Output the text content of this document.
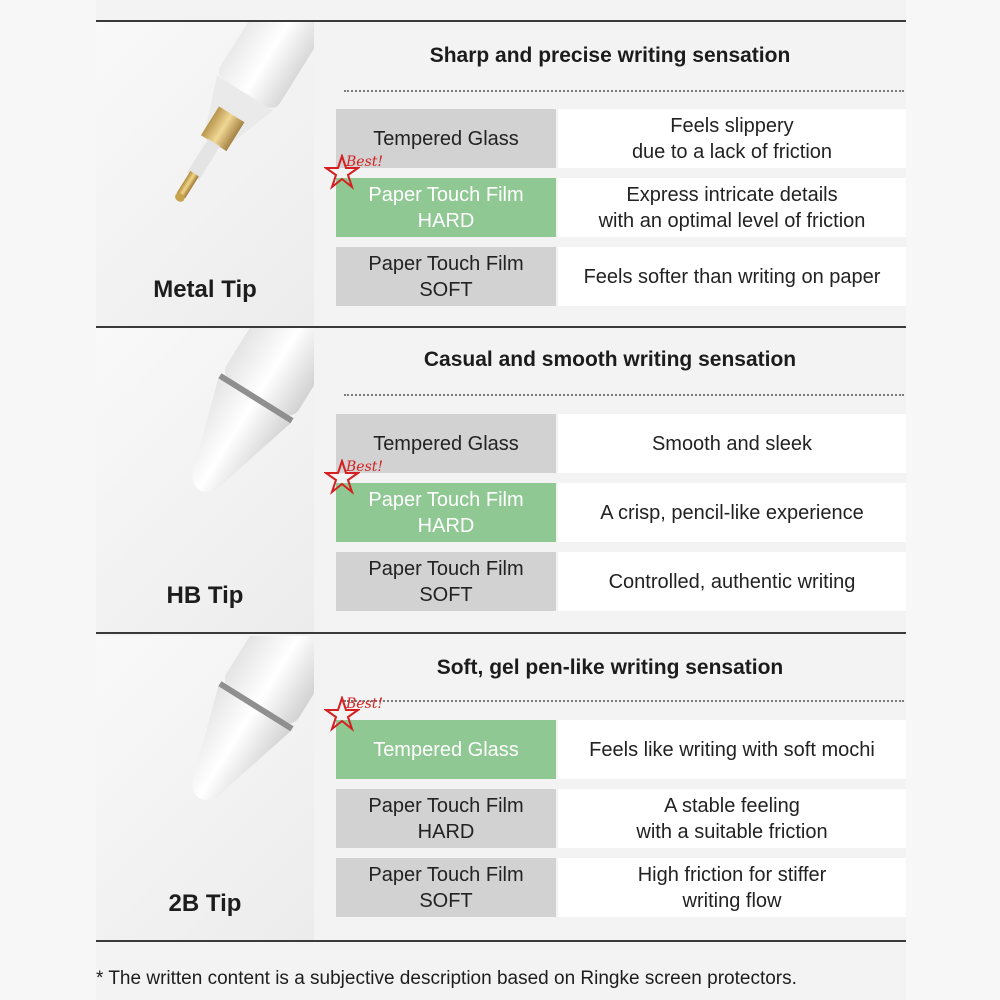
Metal Tip
Sharp and precise writing sensation
Tempered Glass
Feels slippery
due to a lack of friction
Paper Touch Film
HARD
Express intricate details
with an optimal level of friction
Best!
Paper Touch Film
SOFT
Feels softer than writing on paper
HB Tip
Casual and smooth writing sensation
Tempered Glass	Smooth and sleek
Paper Touch Film
HARD
A crisp, pencil-like experience
Best!
Paper Touch Film
SOFT
Controlled, authentic writing
2B Tip
Soft, gel pen-like writing sensation
Tempered Glass	Feels like writing with soft mochi
Best!
Paper Touch Film
HARD
A stable feeling
with a suitable friction
Paper Touch Film
SOFT
High friction for stiffer
writing flow
* The written content is a subjective description based on Ringke screen protectors.
